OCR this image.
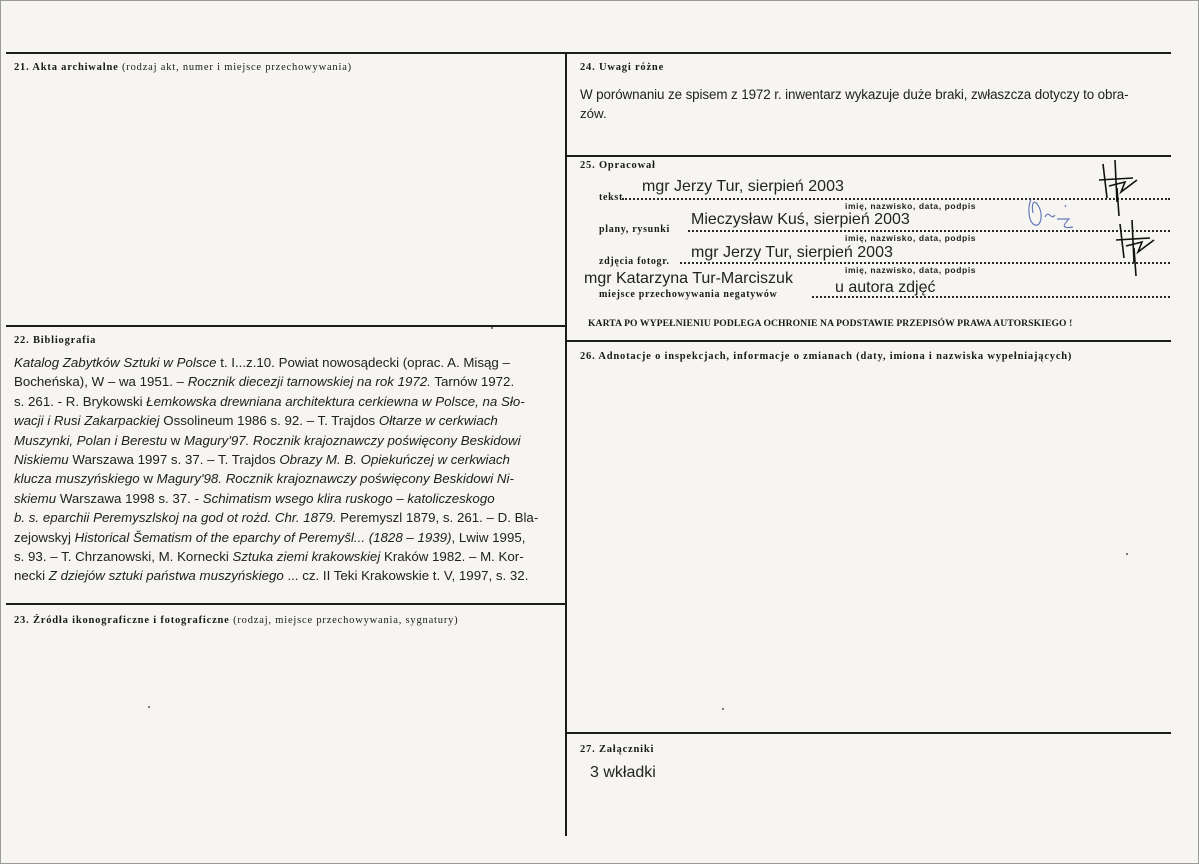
21. Akta archiwalne (rodzaj akt, numer i miejsce przechowywania)
22. Bibliografia
Katalog Zabytków Sztuki w Polsce t. I...z.10. Powiat nowosądecki (oprac. A. Misąg –
Bocheńska), W – wa 1951. – Rocznik diecezji tarnowskiej na rok 1972. Tarnów 1972.
s. 261. - R. Brykowski Łemkowska drewniana architektura cerkiewna w Polsce, na Sło-
wacji i Rusi Zakarpackiej Ossolineum 1986 s. 92. – T. Trajdos Ołtarze w cerkwiach
Muszynki, Polan i Berestu w Magury'97. Rocznik krajoznawczy poświęcony Beskidowi
Niskiemu Warszawa 1997 s. 37. – T. Trajdos Obrazy M. B. Opiekuńczej w cerkwiach
klucza muszyńskiego w Magury'98. Rocznik krajoznawczy poświęcony Beskidowi Ni-
skiemu Warszawa 1998 s. 37. - Schimatism wsego klira ruskogo – katoliczeskogo
b. s. eparchii Peremyszlskoj na god ot rożd. Chr. 1879. Peremyszl 1879, s. 261. – D. Bla-
zejowskyj Historical Šematism of the eparchy of Peremyšl... (1828 – 1939), Lwiw 1995,
s. 93. – T. Chrzanowski, M. Kornecki Sztuka ziemi krakowskiej Kraków 1982. – M. Kor-
necki Z dziejów sztuki państwa muszyńskiego ... cz. II Teki Krakowskie t. V, 1997, s. 32.
23. Źródła ikonograficzne i fotograficzne (rodzaj, miejsce przechowywania, sygnatury)
24. Uwagi różne
W porównaniu ze spisem z 1972 r. inwentarz wykazuje duże braki, zwłaszcza dotyczy to obra-
zów.
25. Opracował
tekst
mgr Jerzy Tur, sierpień 2003
imię, nazwisko, data, podpis
plany, rysunki
Mieczysław Kuś, sierpień 2003
imię, nazwisko, data, podpis
zdjęcia fotogr.
mgr Jerzy Tur, sierpień 2003
imię, nazwisko, data, podpis
mgr Katarzyna Tur-Marciszuk
miejsce przechowywania negatywów	u autora zdjęć
KARTA PO WYPEŁNIENIU PODLEGA OCHRONIE NA PODSTAWIE PRZEPISÓW PRAWA AUTORSKIEGO !
26. Adnotacje o inspekcjach, informacje o zmianach (daty, imiona i nazwiska wypełniających)
27. Załączniki
3 wkładki
